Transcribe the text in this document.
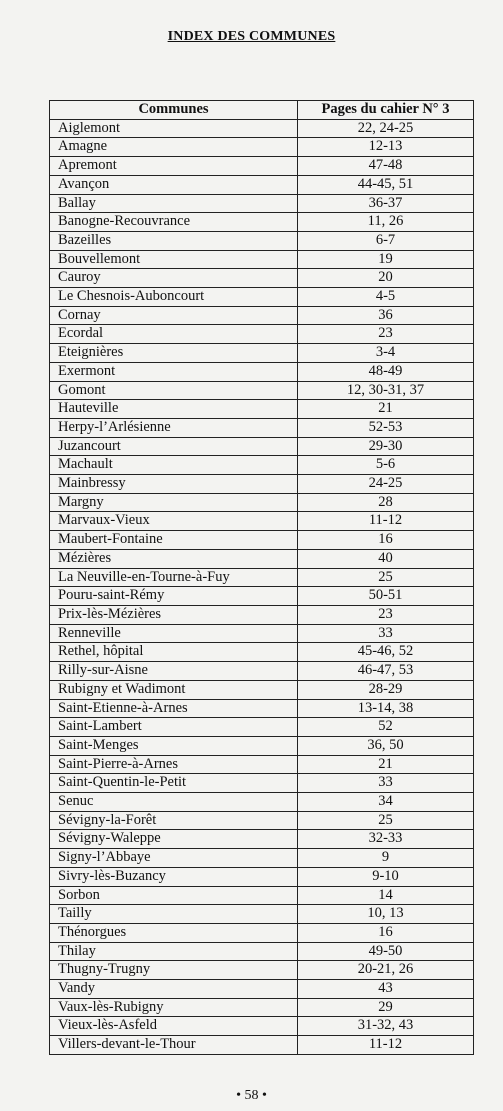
INDEX DES COMMUNES
Communes	Pages du cahier N° 3
Aiglemont	22, 24-25
Amagne	12-13
Apremont	47-48
Avançon	44-45, 51
Ballay	36-37
Banogne-Recouvrance	11, 26
Bazeilles	6-7
Bouvellemont	19
Cauroy	20
Le Chesnois-Auboncourt	4-5
Cornay	36
Ecordal	23
Eteignières	3-4
Exermont	48-49
Gomont	12, 30-31, 37
Hauteville	21
Herpy-l’Arlésienne	52-53
Juzancourt	29-30
Machault	5-6
Mainbressy	24-25
Margny	28
Marvaux-Vieux	11-12
Maubert-Fontaine	16
Mézières	40
La Neuville-en-Tourne-à-Fuy	25
Pouru-saint-Rémy	50-51
Prix-lès-Mézières	23
Renneville	33
Rethel, hôpital	45-46, 52
Rilly-sur-Aisne	46-47, 53
Rubigny et Wadimont	28-29
Saint-Etienne-à-Arnes	13-14, 38
Saint-Lambert	52
Saint-Menges	36, 50
Saint-Pierre-à-Arnes	21
Saint-Quentin-le-Petit	33
Senuc	34
Sévigny-la-Forêt	25
Sévigny-Waleppe	32-33
Signy-l’Abbaye	9
Sivry-lès-Buzancy	9-10
Sorbon	14
Tailly	10, 13
Thénorgues	16
Thilay	49-50
Thugny-Trugny	20-21, 26
Vandy	43
Vaux-lès-Rubigny	29
Vieux-lès-Asfeld	31-32, 43
Villers-devant-le-Thour	11-12
• 58 •
